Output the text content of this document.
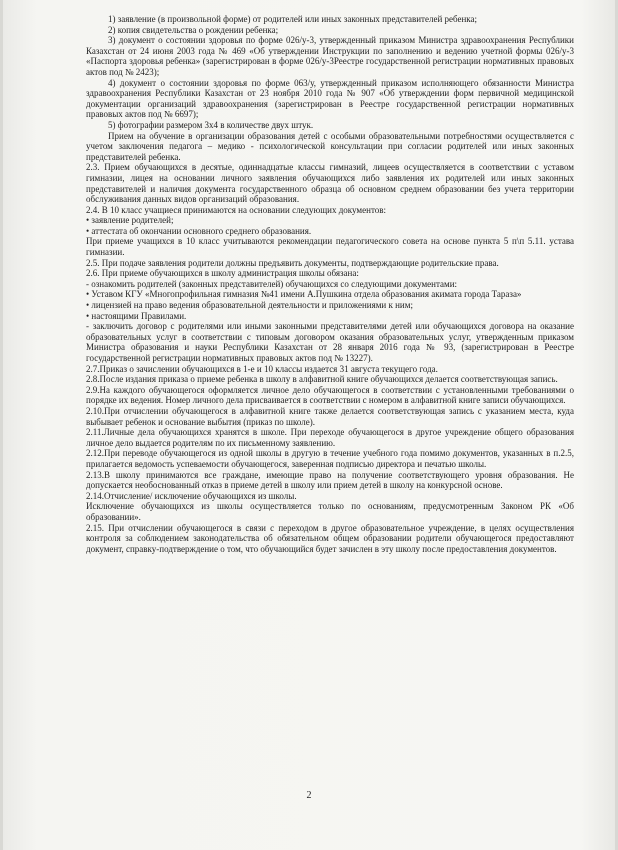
1) заявление (в произвольной форме) от родителей или иных законных представителей ребенка;

2) копия свидетельства о рождении ребенка;

3) документ о состоянии здоровья по форме 026/у-3, утвержденный приказом Министра здравоохранения Республики Казахстан от 24 июня 2003 года № 469 «Об утверждении Инструкции по заполнению и ведению учетной формы 026/у-3 «Паспорта здоровья ребенка» (зарегистрирован в форме 026/у-3Реестре государственной регистрации нормативных правовых актов под № 2423);

4) документ о состоянии здоровья по форме 063/у, утвержденный приказом исполняющего обязанности Министра здравоохранения Республики Казахстан от 23 ноября 2010 года № 907 «Об утверждении форм первичной медицинской документации организаций здравоохранения (зарегистрирован в Реестре государственной регистрации нормативных правовых актов под № 6697);

5) фотографии размером 3х4 в количестве двух штук.

Прием на обучение в организации образования детей с особыми образовательными потребностями осуществляется с учетом заключения педагога – медико - психологической консультации при согласии родителей или иных законных представителей ребенка.

2.3. Прием обучающихся в десятые, одиннадцатые классы гимназий, лицеев осуществляется в соответствии с уставом гимназии, лицея на основании личного заявления обучающихся либо заявления их родителей или иных законных представителей и наличия документа государственного образца об основном среднем образовании без учета территории обслуживания данных видов организаций образования.

2.4. В 10 класс учащиеся принимаются на основании следующих документов:

• заявление родителей;

• аттестата об окончании основного среднего образования.

При приеме учащихся в 10 класс учитываются рекомендации педагогического совета на основе пункта 5 п\п 5.11. устава гимназии.

2.5. При подаче заявления родители должны предъявить документы, подтверждающие родительские права.

2.6. При приеме обучающихся в школу администрация школы обязана:

- ознакомить родителей (законных представителей) обучающихся со следующими документами:

• Уставом КГУ «Многопрофильная гимназия №41 имени А.Пушкина отдела образования акимата города Тараза»

• лицензией на право ведения образовательной деятельности и приложениями к ним;

• настоящими Правилами.

- заключить договор с родителями или иными законными представителями детей или обучающихся договора на оказание образовательных услуг в соответствии с типовым договором оказания образовательных услуг, утвержденным приказом Министра образования и науки Республики Казахстан от 28 января 2016 года № 93, (зарегистрирован в Реестре государственной регистрации нормативных правовых актов под № 13227).

2.7.Приказ о зачислении обучающихся в 1-е и 10 классы издается 31 августа текущего года.

2.8.После издания приказа о приеме ребенка в школу в алфавитной книге обучающихся делается соответствующая запись.

2.9.На каждого обучающегося оформляется личное дело обучающегося в соответствии с установленными требованиями о порядке их ведения. Номер личного дела присваивается в соответствии с номером в алфавитной книге записи обучающихся.

2.10.При отчислении обучающегося в алфавитной книге также делается соответствующая запись с указанием места, куда выбывает ребенок и основание выбытия (приказ по школе).

2.11.Личные дела обучающихся хранятся в школе. При переходе обучающегося в другое учреждение общего образования личное дело выдается родителям по их письменному заявлению.

2.12.При переводе обучающегося из одной школы в другую в течение учебного года помимо документов, указанных в п.2.5, прилагается ведомость успеваемости обучающегося, заверенная подписью директора и печатью школы.

2.13.В школу принимаются все граждане, имеющие право на получение соответствующего уровня образования. Не допускается необоснованный отказ в приеме детей в школу или прием детей в школу на конкурсной основе.

2.14.Отчисление/ исключение обучающихся из школы.

Исключение обучающихся из школы осуществляется только по основаниям, предусмотренным Законом РК «Об образовании».

2.15. При отчислении обучающегося в связи с переходом в другое образовательное учреждение, в целях осуществления контроля за соблюдением законодательства об обязательном общем образовании родители обучающегося предоставляют документ, справку-подтверждение о том, что обучающийся будет зачислен в эту школу после предоставления документов.

2
